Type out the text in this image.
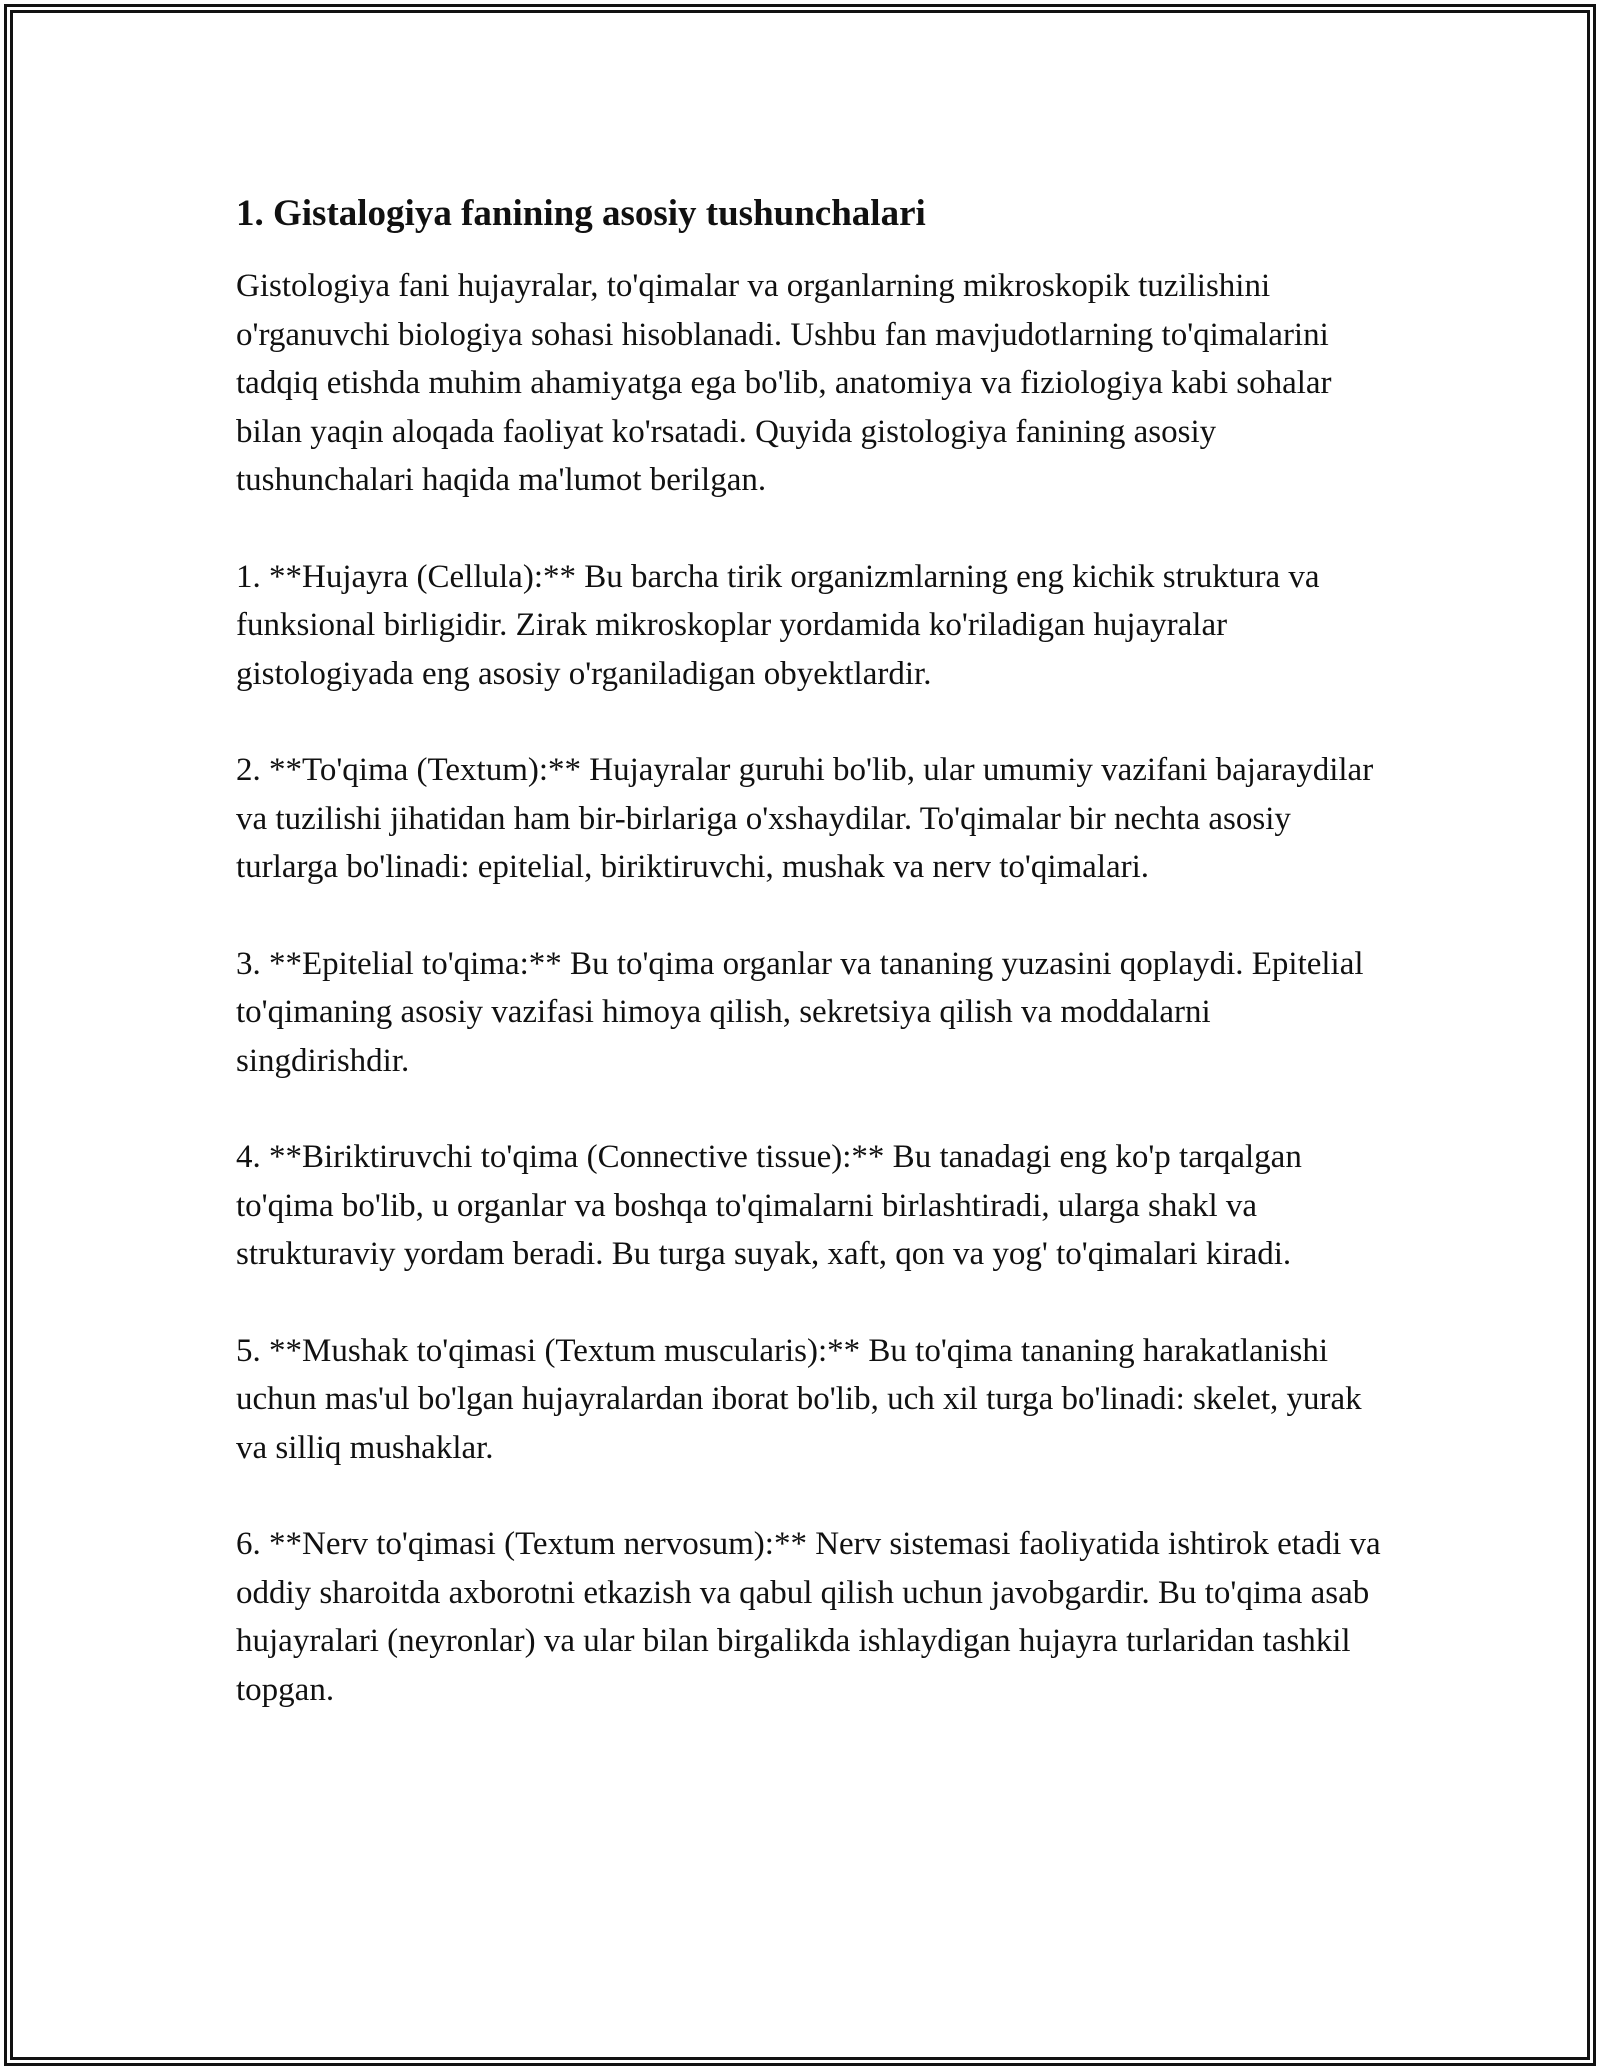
1. Gistalogiya fanining asosiy tushunchalari

Gistologiya fani hujayralar, to'qimalar va organlarning mikroskopik tuzilishini o'rganuvchi biologiya sohasi hisoblanadi. Ushbu fan mavjudotlarning to'qimalarini tadqiq etishda muhim ahamiyatga ega bo'lib, anatomiya va fiziologiya kabi sohalar bilan yaqin aloqada faoliyat ko'rsatadi. Quyida gistologiya fanining asosiy tushunchalari haqida ma'lumot berilgan.

1. **Hujayra (Cellula):** Bu barcha tirik organizmlarning eng kichik struktura va funksional birligidir. Zirak mikroskoplar yordamida ko'riladigan hujayralar gistologiyada eng asosiy o'rganiladigan obyektlardir.

2. **To'qima (Textum):** Hujayralar guruhi bo'lib, ular umumiy vazifani bajaraydilar va tuzilishi jihatidan ham bir-birlariga o'xshaydilar. To'qimalar bir nechta asosiy turlarga bo'linadi: epitelial, biriktiruvchi, mushak va nerv to'qimalari.

3. **Epitelial to'qima:** Bu to'qima organlar va tananing yuzasini qoplaydi. Epitelial to'qimaning asosiy vazifasi himoya qilish, sekretsiya qilish va moddalarni singdirishdir.

4. **Biriktiruvchi to'qima (Connective tissue):** Bu tanadagi eng ko'p tarqalgan to'qima bo'lib, u organlar va boshqa to'qimalarni birlashtiradi, ularga shakl va strukturaviy yordam beradi. Bu turga suyak, xaft, qon va yog' to'qimalari kiradi.

5. **Mushak to'qimasi (Textum muscularis):** Bu to'qima tananing harakatlanishi uchun mas'ul bo'lgan hujayralardan iborat bo'lib, uch xil turga bo'linadi: skelet, yurak va silliq mushaklar.

6. **Nerv to'qimasi (Textum nervosum):** Nerv sistemasi faoliyatida ishtirok etadi va oddiy sharoitda axborotni etkazish va qabul qilish uchun javobgardir. Bu to'qima asab hujayralari (neyronlar) va ular bilan birgalikda ishlaydigan hujayra turlaridan tashkil topgan.
